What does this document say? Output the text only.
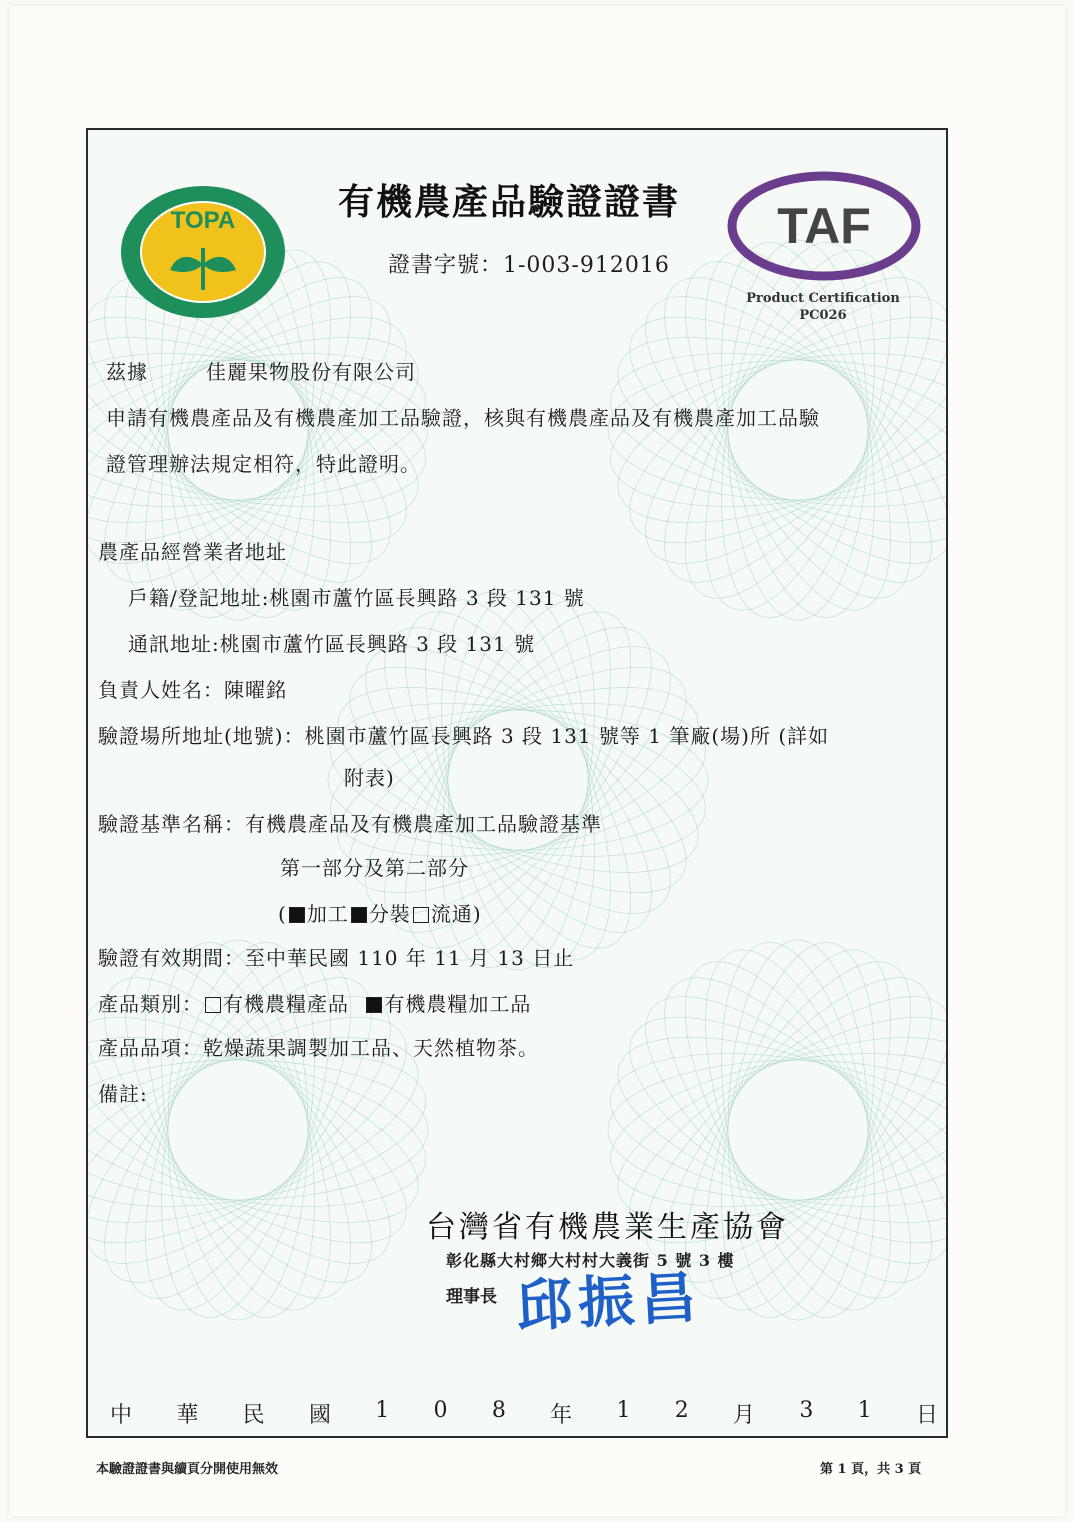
TOPA	有機農產品驗證證書
證書字號：1-003-912016
TAF
Product Certification
PC026
茲據	佳麗果物股份有限公司
申請有機農產品及有機農產加工品驗證，核與有機農產品及有機農產加工品驗
證管理辦法規定相符，特此證明。
農產品經營業者地址
戶籍/登記地址:桃園市蘆竹區長興路 3 段 131 號
通訊地址:桃園市蘆竹區長興路 3 段 131 號
負責人姓名：陳曜銘
驗證場所地址(地號)：桃園市蘆竹區長興路 3 段 131 號等 1 筆廠(場)所 (詳如
附表)
驗證基準名稱：有機農產品及有機農產加工品驗證基準
第一部分及第二部分
( 加工 分裝 流通)
驗證有效期間：至中華民國 110 年 11 月 13 日止
產品類別： 有機農糧產品 有機農糧加工品
產品品項：乾燥蔬果調製加工品、天然植物茶。
備註:
台灣省有機農業生產協會
彰化縣大村鄉大村村大義街 5 號 3 樓
理事長 邱振昌
中 華 民 國 1 0 8 年 1 2 月 3 1 日
本驗證證書與續頁分開使用無效	第 1 頁，共 3 頁
